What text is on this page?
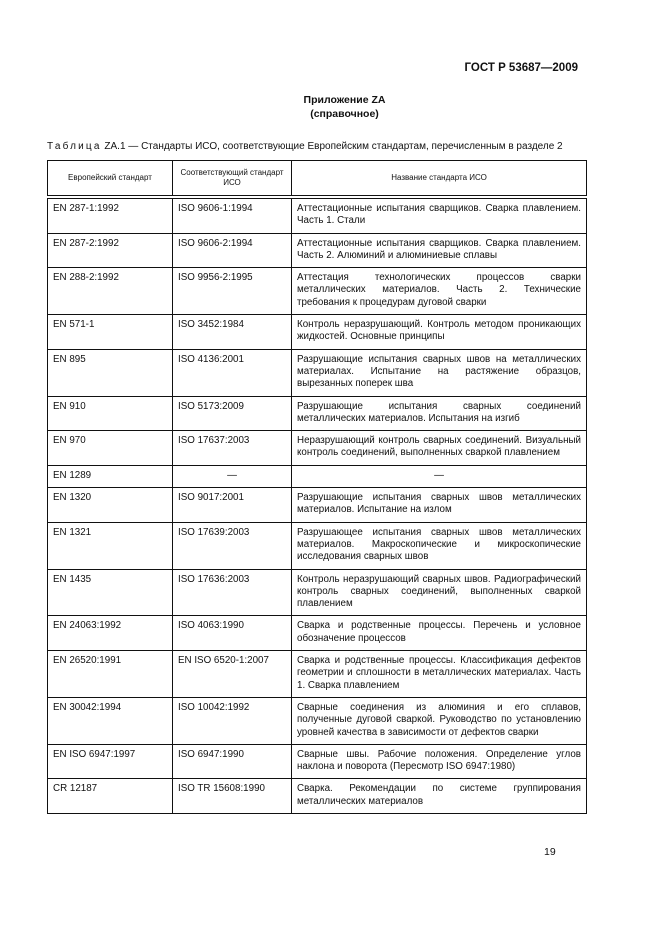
ГОСТ Р 53687—2009
Приложение ZA
(справочное)
Таблица ZA.1 — Стандарты ИСО, соответствующие Европейским стандартам, перечисленным в разделе 2
Европейский стандарт	Соответствующий стандарт ИСО	Название стандарта ИСО
EN 287-1:1992	ISO 9606-1:1994	Аттестационные испытания сварщиков. Сварка плавлением. Часть 1. Стали
EN 287-2:1992	ISO 9606-2:1994	Аттестационные испытания сварщиков. Сварка плавлением. Часть 2. Алюминий и алюминиевые сплавы
EN 288-2:1992	ISO 9956-2:1995	Аттестация технологических процессов сварки металлических материалов. Часть 2. Технические требования к процедурам дуговой сварки
EN 571-1	ISO 3452:1984	Контроль неразрушающий. Контроль методом проникающих жидкостей. Основные принципы
EN 895	ISO 4136:2001	Разрушающие испытания сварных швов на металлических материалах. Испытание на растяжение образцов, вырезанных поперек шва
EN 910	ISO 5173:2009	Разрушающие испытания сварных соединений металлических материалов. Испытания на изгиб
EN 970	ISO 17637:2003	Неразрушающий контроль сварных соединений. Визуальный контроль соединений, выполненных сваркой плавлением
EN 1289	—	—
EN 1320	ISO 9017:2001	Разрушающие испытания сварных швов металлических материалов. Испытание на излом
EN 1321	ISO 17639:2003	Разрушающее испытания сварных швов металлических материалов. Макроскопические и микроскопические исследования сварных швов
EN 1435	ISO 17636:2003	Контроль неразрушающий сварных швов. Радиографический контроль сварных соединений, выполненных сваркой плавлением
EN 24063:1992	ISO 4063:1990	Сварка и родственные процессы. Перечень и условное обозначение процессов
EN 26520:1991	EN ISO 6520-1:2007	Сварка и родственные процессы. Классификация дефектов геометрии и сплошности в металлических материалах. Часть 1. Сварка плавлением
EN 30042:1994	ISO 10042:1992	Сварные соединения из алюминия и его сплавов, полученные дуговой сваркой. Руководство по установлению уровней качества в зависимости от дефектов сварки
EN ISO 6947:1997	ISO 6947:1990	Сварные швы. Рабочие положения. Определение углов наклона и поворота (Пересмотр ISO 6947:1980)
CR 12187	ISO TR 15608:1990	Сварка. Рекомендации по системе группирования металлических материалов
19
